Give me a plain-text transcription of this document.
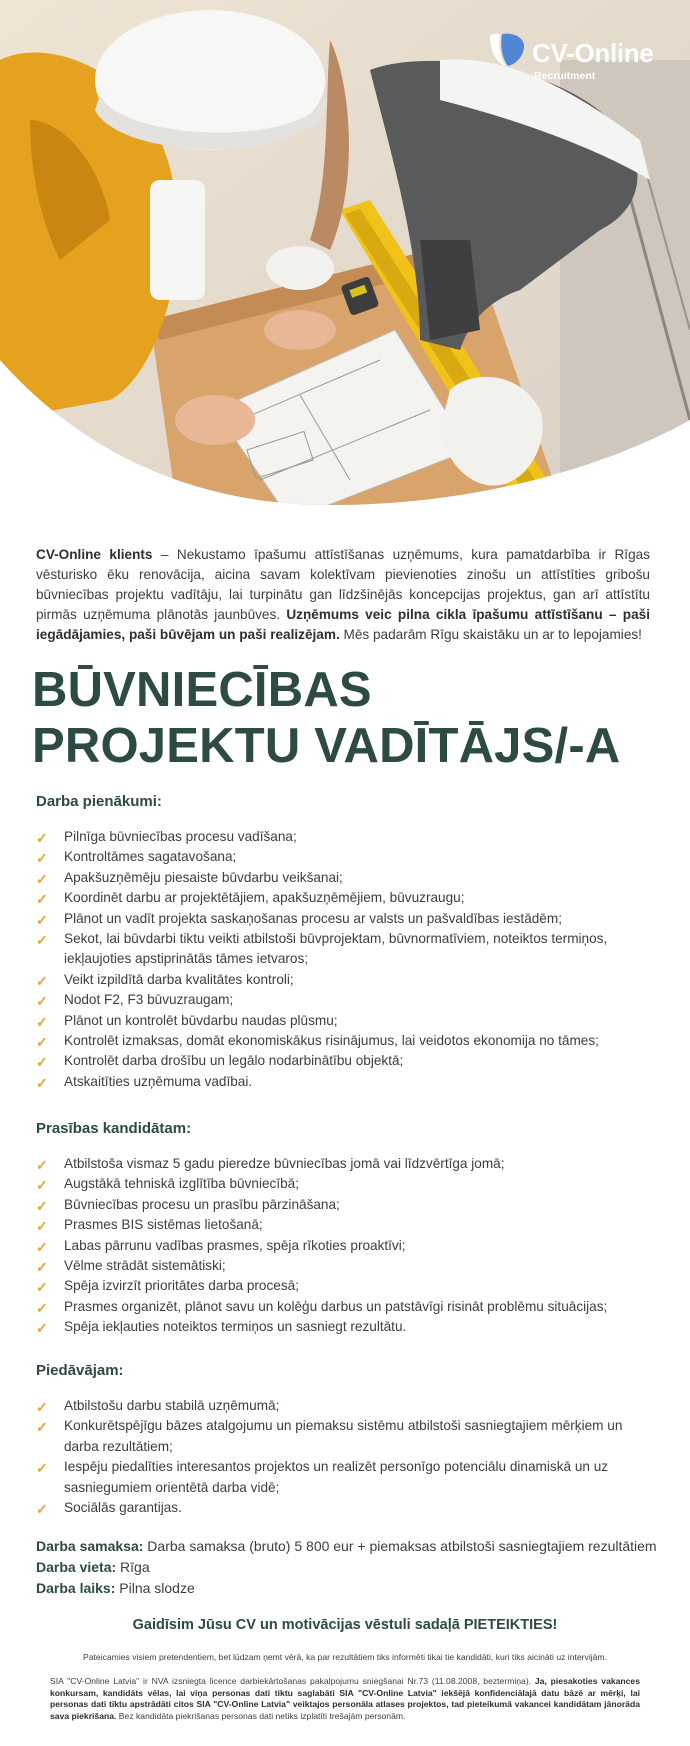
CV-Online
Recruitment
CV-Online klients – Nekustamo īpašumu attīstīšanas uzņēmums, kura pamatdarbība ir Rīgas vēsturisko ēku renovācija, aicina savam kolektīvam pievienoties zinošu un attīstīties gribošu būvniecības projektu vadītāju, lai turpinātu gan līdzšinējās koncepcijas projektus, gan arī attīstītu pirmās uzņēmuma plānotās jaunbūves. Uzņēmums veic pilna cikla īpašumu attīstīšanu – paši iegādājamies, paši būvējam un paši realizējam. Mēs padarām Rīgu skaistāku un ar to lepojamies!
BŪVNIECĪBAS
PROJEKTU VADĪTĀJS/-A
Darba pienākumi:
✓ Pilnīga būvniecības procesu vadīšana;
✓ Kontroltāmes sagatavošana;
✓ Apakšuzņēmēju piesaiste būvdarbu veikšanai;
✓ Koordinēt darbu ar projektētājiem, apakšuzņēmējiem, būvuzraugu;
✓ Plānot un vadīt projekta saskaņošanas procesu ar valsts un pašvaldības iestādēm;
✓ Sekot, lai būvdarbi tiktu veikti atbilstoši būvprojektam, būvnormatīviem, noteiktos termiņos, iekļaujoties apstiprinātās tāmes ietvaros;
✓ Veikt izpildītā darba kvalitātes kontroli;
✓ Nodot F2, F3 būvuzraugam;
✓ Plānot un kontrolēt būvdarbu naudas plūsmu;
✓ Kontrolēt izmaksas, domāt ekonomiskākus risinājumus, lai veidotos ekonomija no tāmes;
✓ Kontrolēt darba drošību un legālo nodarbinātību objektā;
✓ Atskaitīties uzņēmuma vadībai.
Prasības kandidātam:
✓ Atbilstoša vismaz 5 gadu pieredze būvniecības jomā vai līdzvērtīga jomā;
✓ Augstākā tehniskā izglītība būvniecībā;
✓ Būvniecības procesu un prasību pārzināšana;
✓ Prasmes BIS sistēmas lietošanā;
✓ Labas pārrunu vadības prasmes, spēja rīkoties proaktīvi;
✓ Vēlme strādāt sistemātiski;
✓ Spēja izvirzīt prioritātes darba procesā;
✓ Prasmes organizēt, plānot savu un kolēģu darbus un patstāvīgi risināt problēmu situācijas;
✓ Spēja iekļauties noteiktos termiņos un sasniegt rezultātu.
Piedāvājam:
✓ Atbilstošu darbu stabilā uzņēmumā;
✓ Konkurētspējīgu bāzes atalgojumu un piemaksu sistēmu atbilstoši sasniegtajiem mērķiem un darba rezultātiem;
✓ Iespēju piedalīties interesantos projektos un realizēt personīgo potenciālu dinamiskā un uz sasniegumiem orientētā darba vidē;
✓ Sociālās garantijas.
Darba samaksa: Darba samaksa (bruto) 5 800 eur + piemaksas atbilstoši sasniegtajiem rezultātiem
Darba vieta: Rīga
Darba laiks: Pilna slodze
Gaidīsim Jūsu CV un motivācijas vēstuli sadaļā PIETEIKTIES!
Pateicamies visiem pretendentiem, bet lūdzam ņemt vērā, ka par rezultātiem tiks informēti tikai tie kandidāti, kuri tiks aicināti uz intervijām.
SIA "CV-Online Latvia" ir NVA izsniegta licence darbiekārtošanas pakalpojumu sniegšanai Nr.73 (11.08.2008, beztermiņa). Ja, piesakoties vakances konkursam, kandidāts vēlas, lai viņa personas dati tiktu saglabāti SIA "CV-Online Latvia" iekšējā konfidenciālajā datu bāzē ar mērķi, lai personas dati tiktu apstrādāti citos SIA "CV-Online Latvia" veiktajos personāla atlases projektos, tad pieteikumā vakancei kandidātam jānorāda sava piekrišana. Bez kandidāta piekrišanas personas dati netiks izplatīti trešajām personām.
